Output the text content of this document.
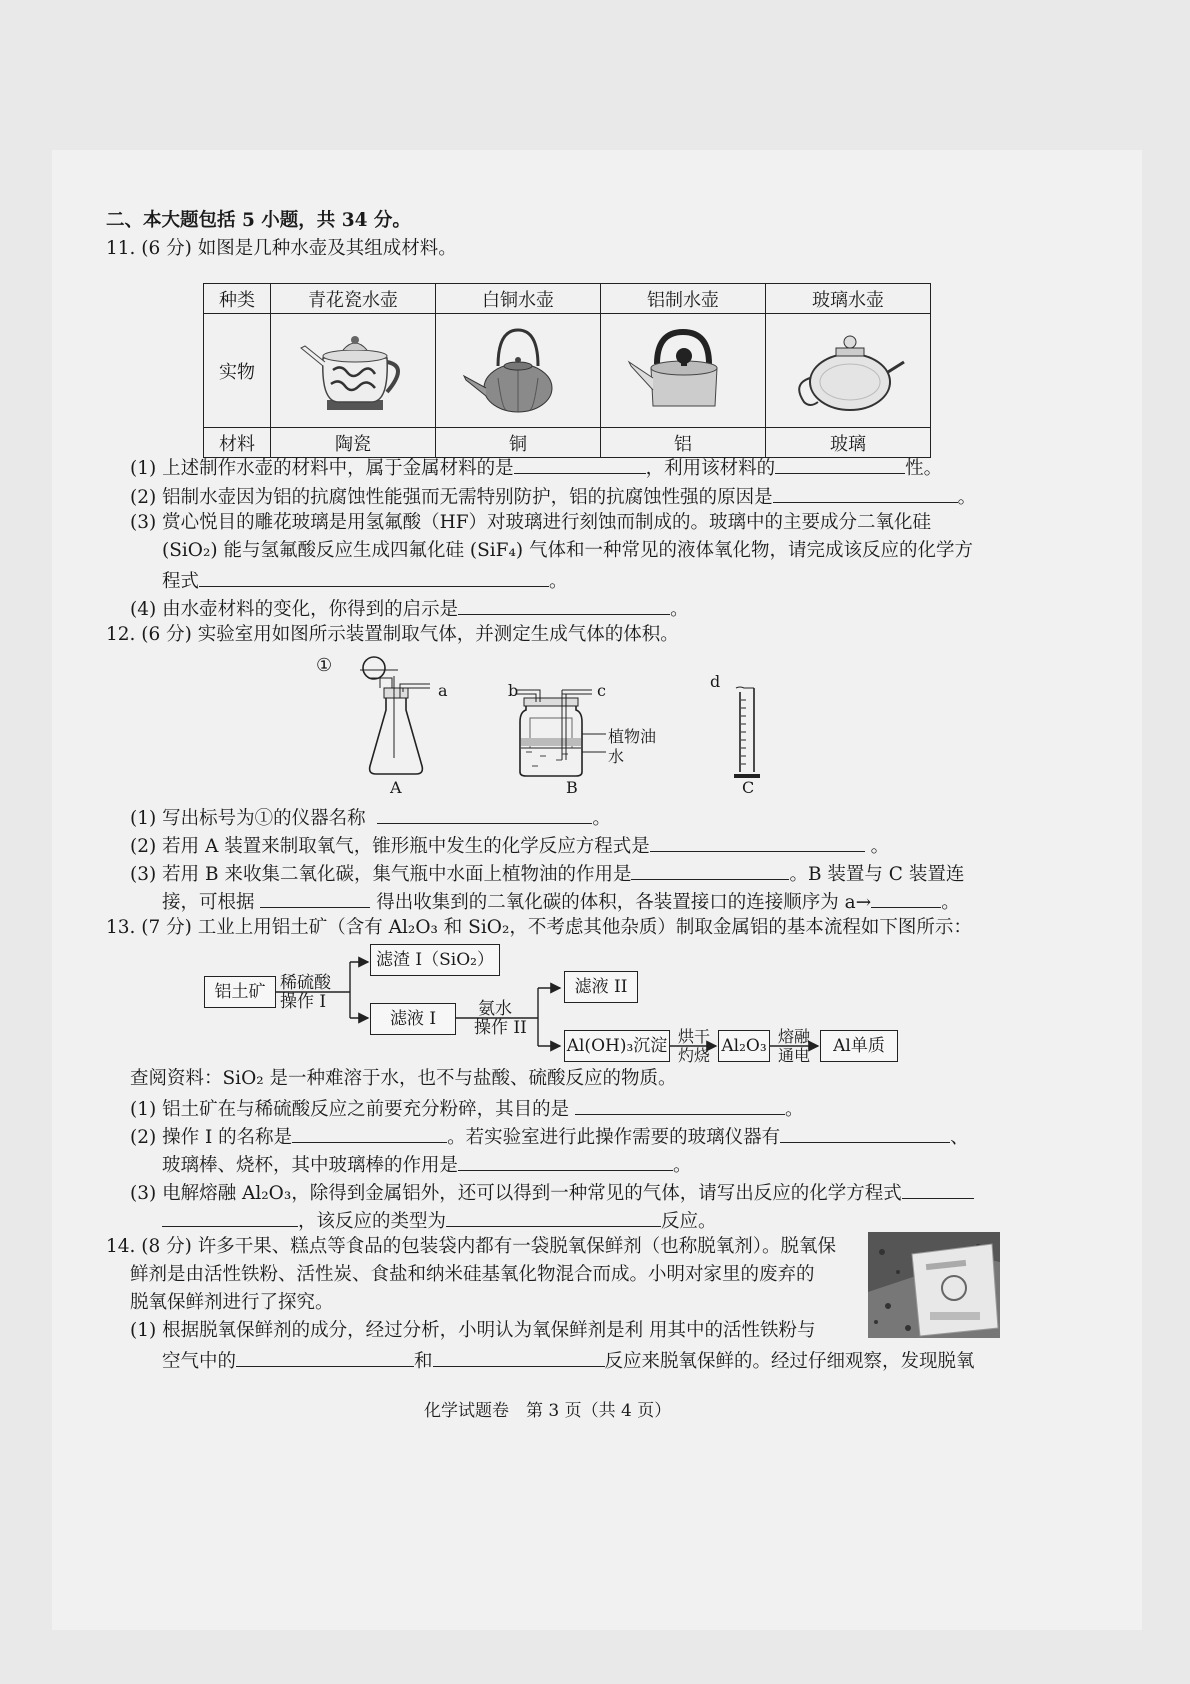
二、本大题包括 5 小题，共 34 分。
11. (6 分) 如图是几种水壶及其组成材料。
种类	青花瓷水壶	白铜水壶	铝制水壶	玻璃水壶
实物				
材料	陶瓷	铜	铝	玻璃
(1) 上述制作水壶的材料中，属于金属材料的是	，利用该材料的	性。
(2) 铝制水壶因为铝的抗腐蚀性能强而无需特别防护，铝的抗腐蚀性强的原因是	。
(3) 赏心悦目的雕花玻璃是用氢氟酸（HF）对玻璃进行刻蚀而制成的。玻璃中的主要成分二氧化硅
(SiO₂) 能与氢氟酸反应生成四氟化硅 (SiF₄) 气体和一种常见的液体氧化物，请完成该反应的化学方
程式	。
(4) 由水壶材料的变化，你得到的启示是	。
12. (6 分) 实验室用如图所示装置制取气体，并测定生成气体的体积。
①
a	b	c	d
植物油
水
A	B	C
(1) 写出标号为①的仪器名称	。
(2) 若用 A 装置来制取氧气，锥形瓶中发生的化学反应方程式是	。
(3) 若用 B 来收集二氧化碳，集气瓶中水面上植物油的作用是	。B 装置与 C 装置连
接，可根据	得出收集到的二氧化碳的体积，各装置接口的连接顺序为 a→	。
13. (7 分) 工业上用铝土矿（含有 Al₂O₃ 和 SiO₂，不考虑其他杂质）制取金属铝的基本流程如下图所示：
铝土矿 稀硫酸
操作 I
滤渣 I（SiO₂）
滤液 I	氨水
操作 II
滤液 II
Al(OH)₃沉淀 烘干
灼烧 Al₂O₃ 熔融
通电	Al单质
查阅资料：SiO₂ 是一种难溶于水，也不与盐酸、硫酸反应的物质。
(1) 铝土矿在与稀硫酸反应之前要充分粉碎，其目的是	。
(2) 操作 I 的名称是	。若实验室进行此操作需要的玻璃仪器有	、
玻璃棒、烧杯，其中玻璃棒的作用是	。
(3) 电解熔融 Al₂O₃，除得到金属铝外，还可以得到一种常见的气体，请写出反应的化学方程式
，该反应的类型为	反应。
14. (8 分) 许多干果、糕点等食品的包装袋内都有一袋脱氧保鲜剂（也称脱氧剂）。脱氧保
鲜剂是由活性铁粉、活性炭、食盐和纳米硅基氧化物混合而成。小明对家里的废弃的
脱氧保鲜剂进行了探究。
(1) 根据脱氧保鲜剂的成分，经过分析，小明认为氧保鲜剂是利 用其中的活性铁粉与
空气中的	和	反应来脱氧保鲜的。经过仔细观察，发现脱氧
化学试题卷　第 3 页（共 4 页）
